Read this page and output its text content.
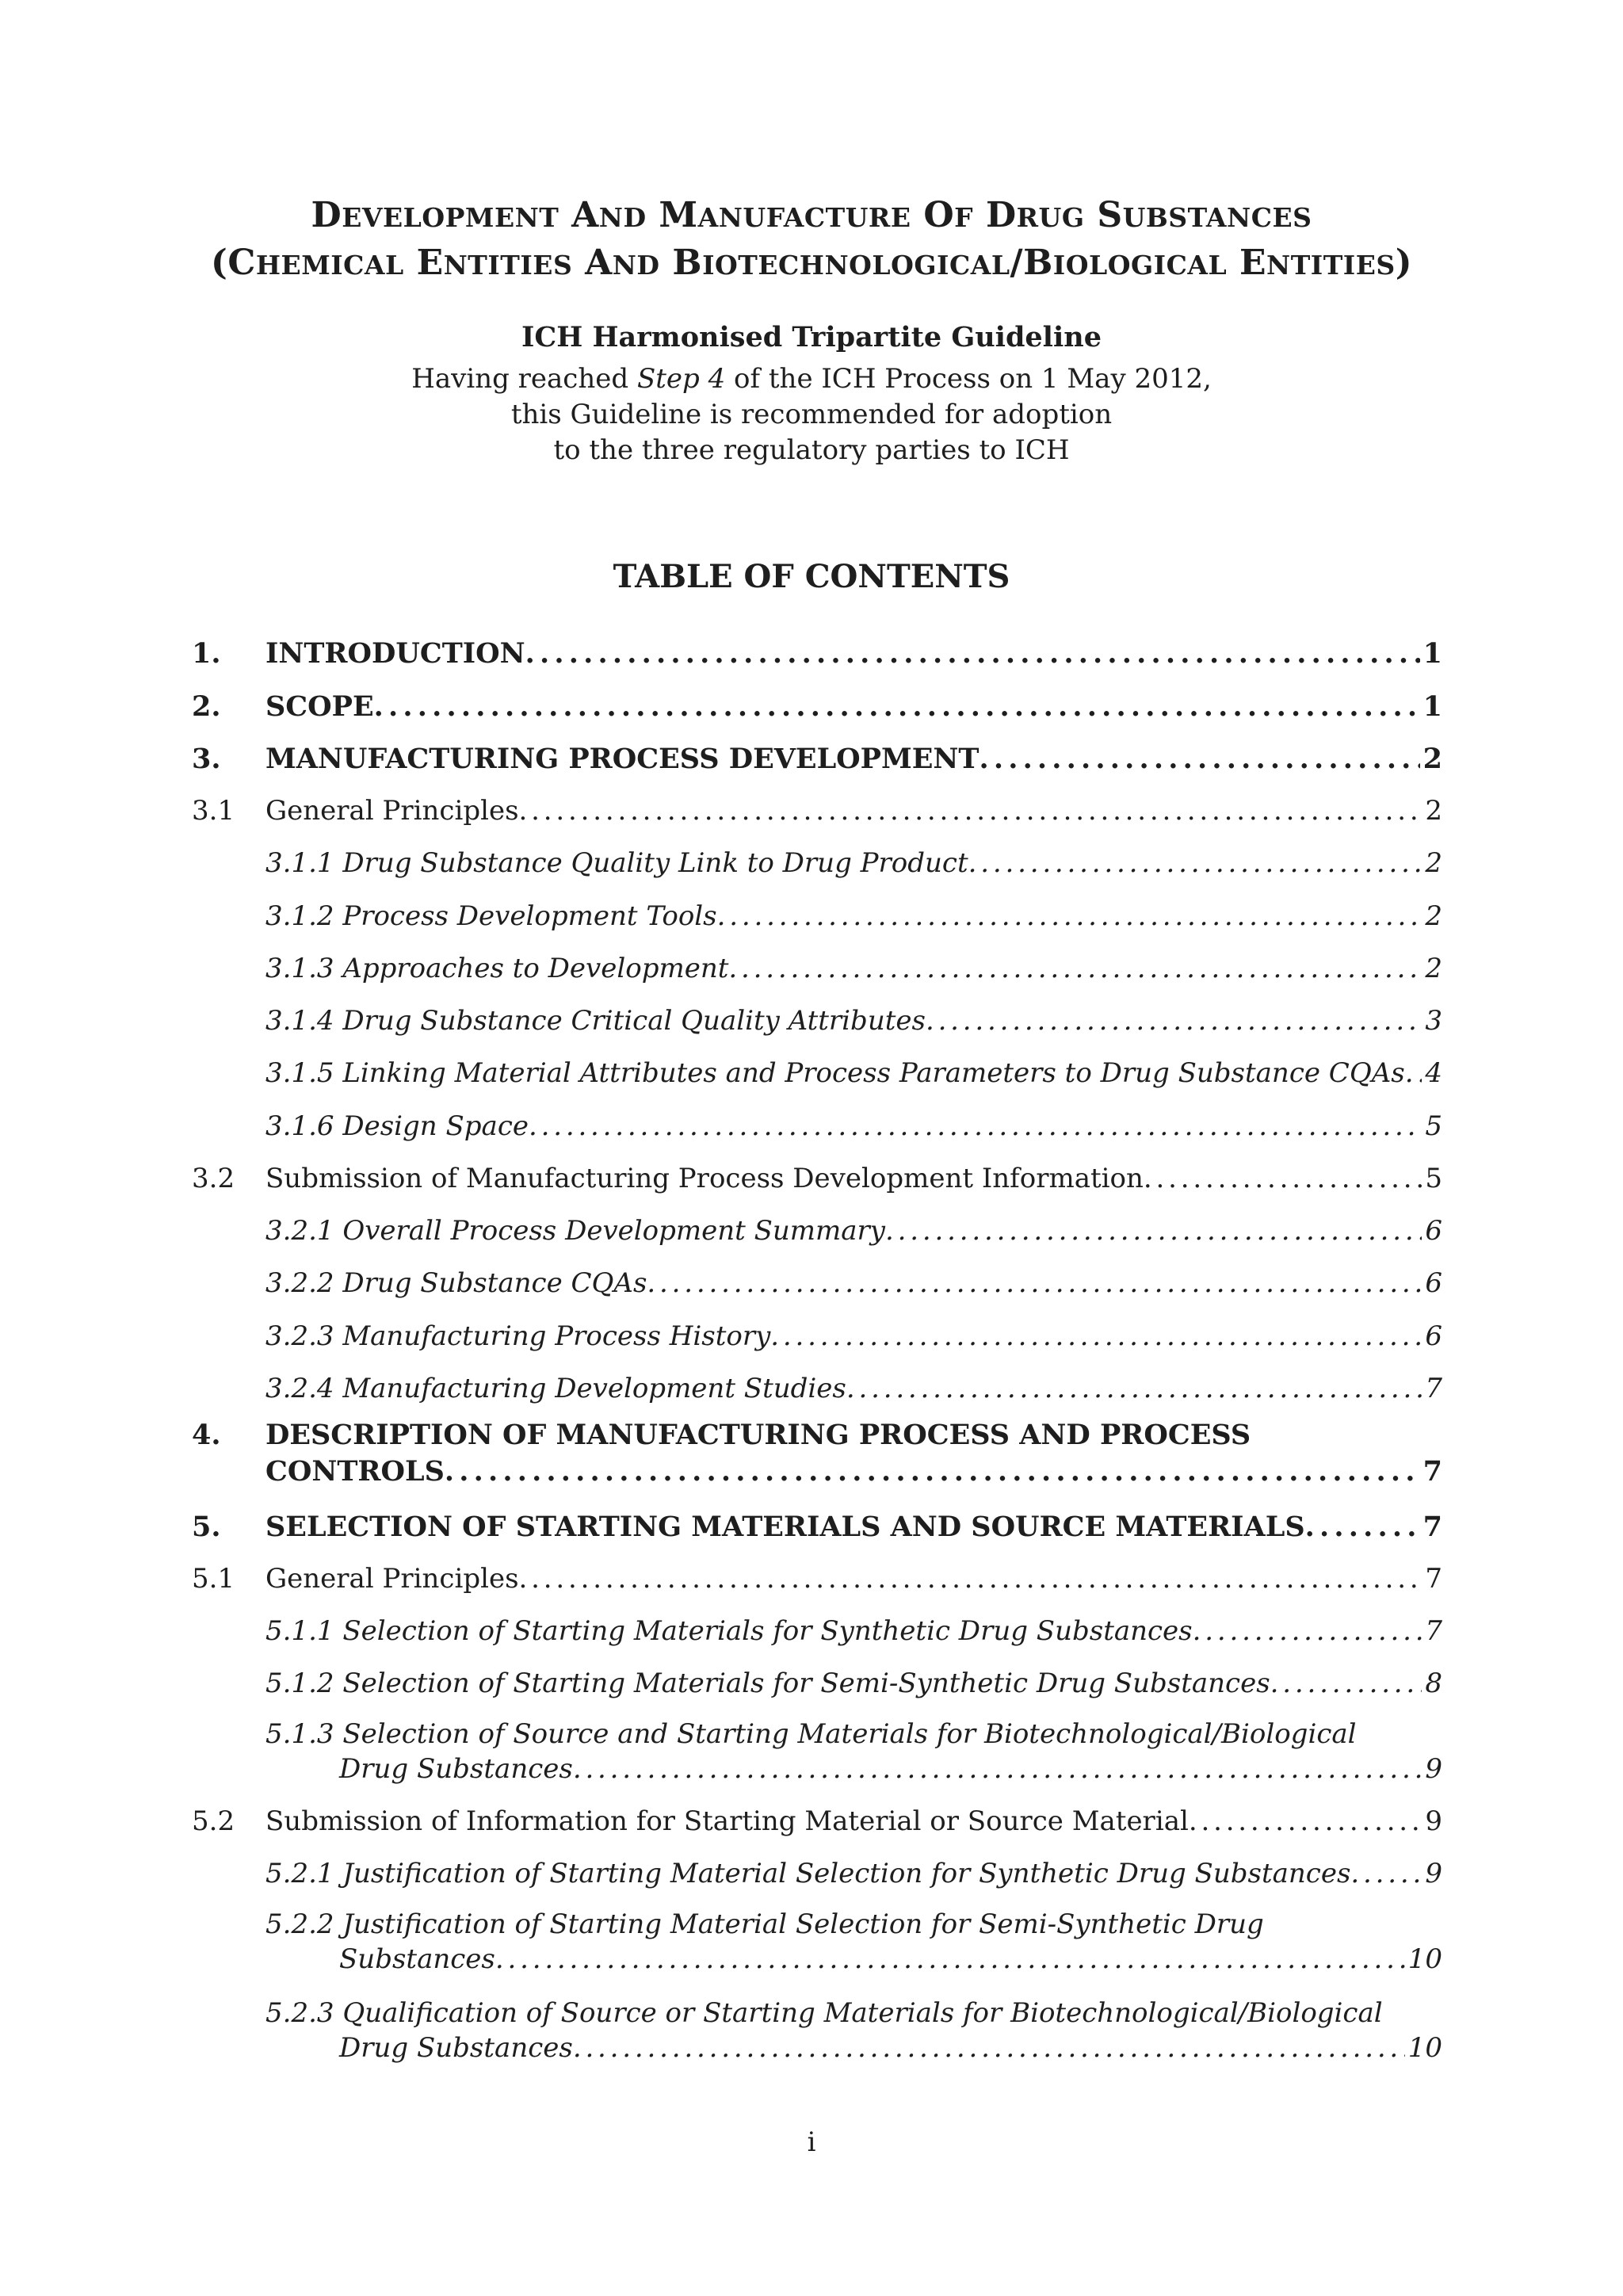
DEVELOPMENT AND MANUFACTURE OF DRUG SUBSTANCES
(CHEMICAL ENTITIES AND BIOTECHNOLOGICAL/BIOLOGICAL ENTITIES)
ICH Harmonised Tripartite Guideline
Having reached Step 4 of the ICH Process on 1 May 2012,
this Guideline is recommended for adoption
to the three regulatory parties to ICH
TABLE OF CONTENTS
1. INTRODUCTION . . .	1
2. SCOPE . . .	1
3. MANUFACTURING PROCESS DEVELOPMENT . . .	2
3.1 General Principles . . .	2
3.1.1 Drug Substance Quality Link to Drug Product . . .	2
3.1.2 Process Development Tools . . .	2
3.1.3 Approaches to Development . . .	2
3.1.4 Drug Substance Critical Quality Attributes . . .	3
3.1.5 Linking Material Attributes and Process Parameters to Drug Substance CQAs . . . 4
3.1.6 Design Space . . .	5
3.2 Submission of Manufacturing Process Development Information . . .	5
3.2.1 Overall Process Development Summary . . .	6
3.2.2 Drug Substance CQAs . . .	6
3.2.3 Manufacturing Process History . . .	6
3.2.4 Manufacturing Development Studies . . .	7
4. DESCRIPTION OF MANUFACTURING PROCESS AND PROCESS
CONTROLS . . .	7
5. SELECTION OF STARTING MATERIALS AND SOURCE MATERIALS . . .	7
5.1 General Principles . . .	7
5.1.1 Selection of Starting Materials for Synthetic Drug Substances . . .	7
5.1.2 Selection of Starting Materials for Semi-Synthetic Drug Substances . . .	8
5.1.3 Selection of Source and Starting Materials for Biotechnological/Biological
Drug Substances . . .	9
5.2 Submission of Information for Starting Material or Source Material . . .	9
5.2.1 Justification of Starting Material Selection for Synthetic Drug Substances . . .	9
5.2.2 Justification of Starting Material Selection for Semi-Synthetic Drug
Substances . . .	10
5.2.3 Qualification of Source or Starting Materials for Biotechnological/Biological
Drug Substances . . .	10
i
